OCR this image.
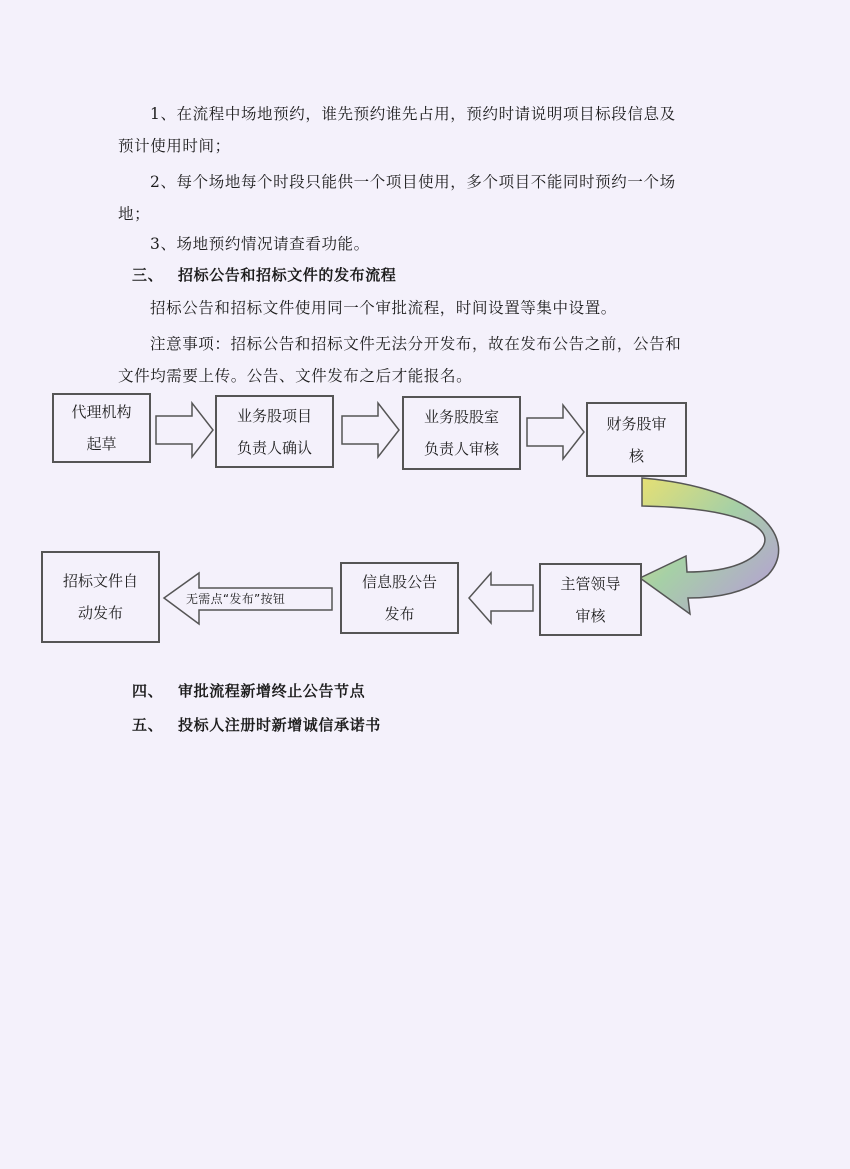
1、在流程中场地预约，谁先预约谁先占用，预约时请说明项目标段信息及
预计使用时间；
2、每个场地每个时段只能供一个项目使用，多个项目不能同时预约一个场
地；
3、场地预约情况请查看功能。
三、 招标公告和招标文件的发布流程
招标公告和招标文件使用同一个审批流程，时间设置等集中设置。
注意事项：招标公告和招标文件无法分开发布，故在发布公告之前，公告和
文件均需要上传。公告、文件发布之后才能报名。
无需点“发布”按钮
代理机构
起草
业务股项目
负责人确认
业务股股室
负责人审核
财务股审
核
主管领导
审核
信息股公告
发布
招标文件自
动发布
四、 审批流程新增终止公告节点
五、 投标人注册时新增诚信承诺书
